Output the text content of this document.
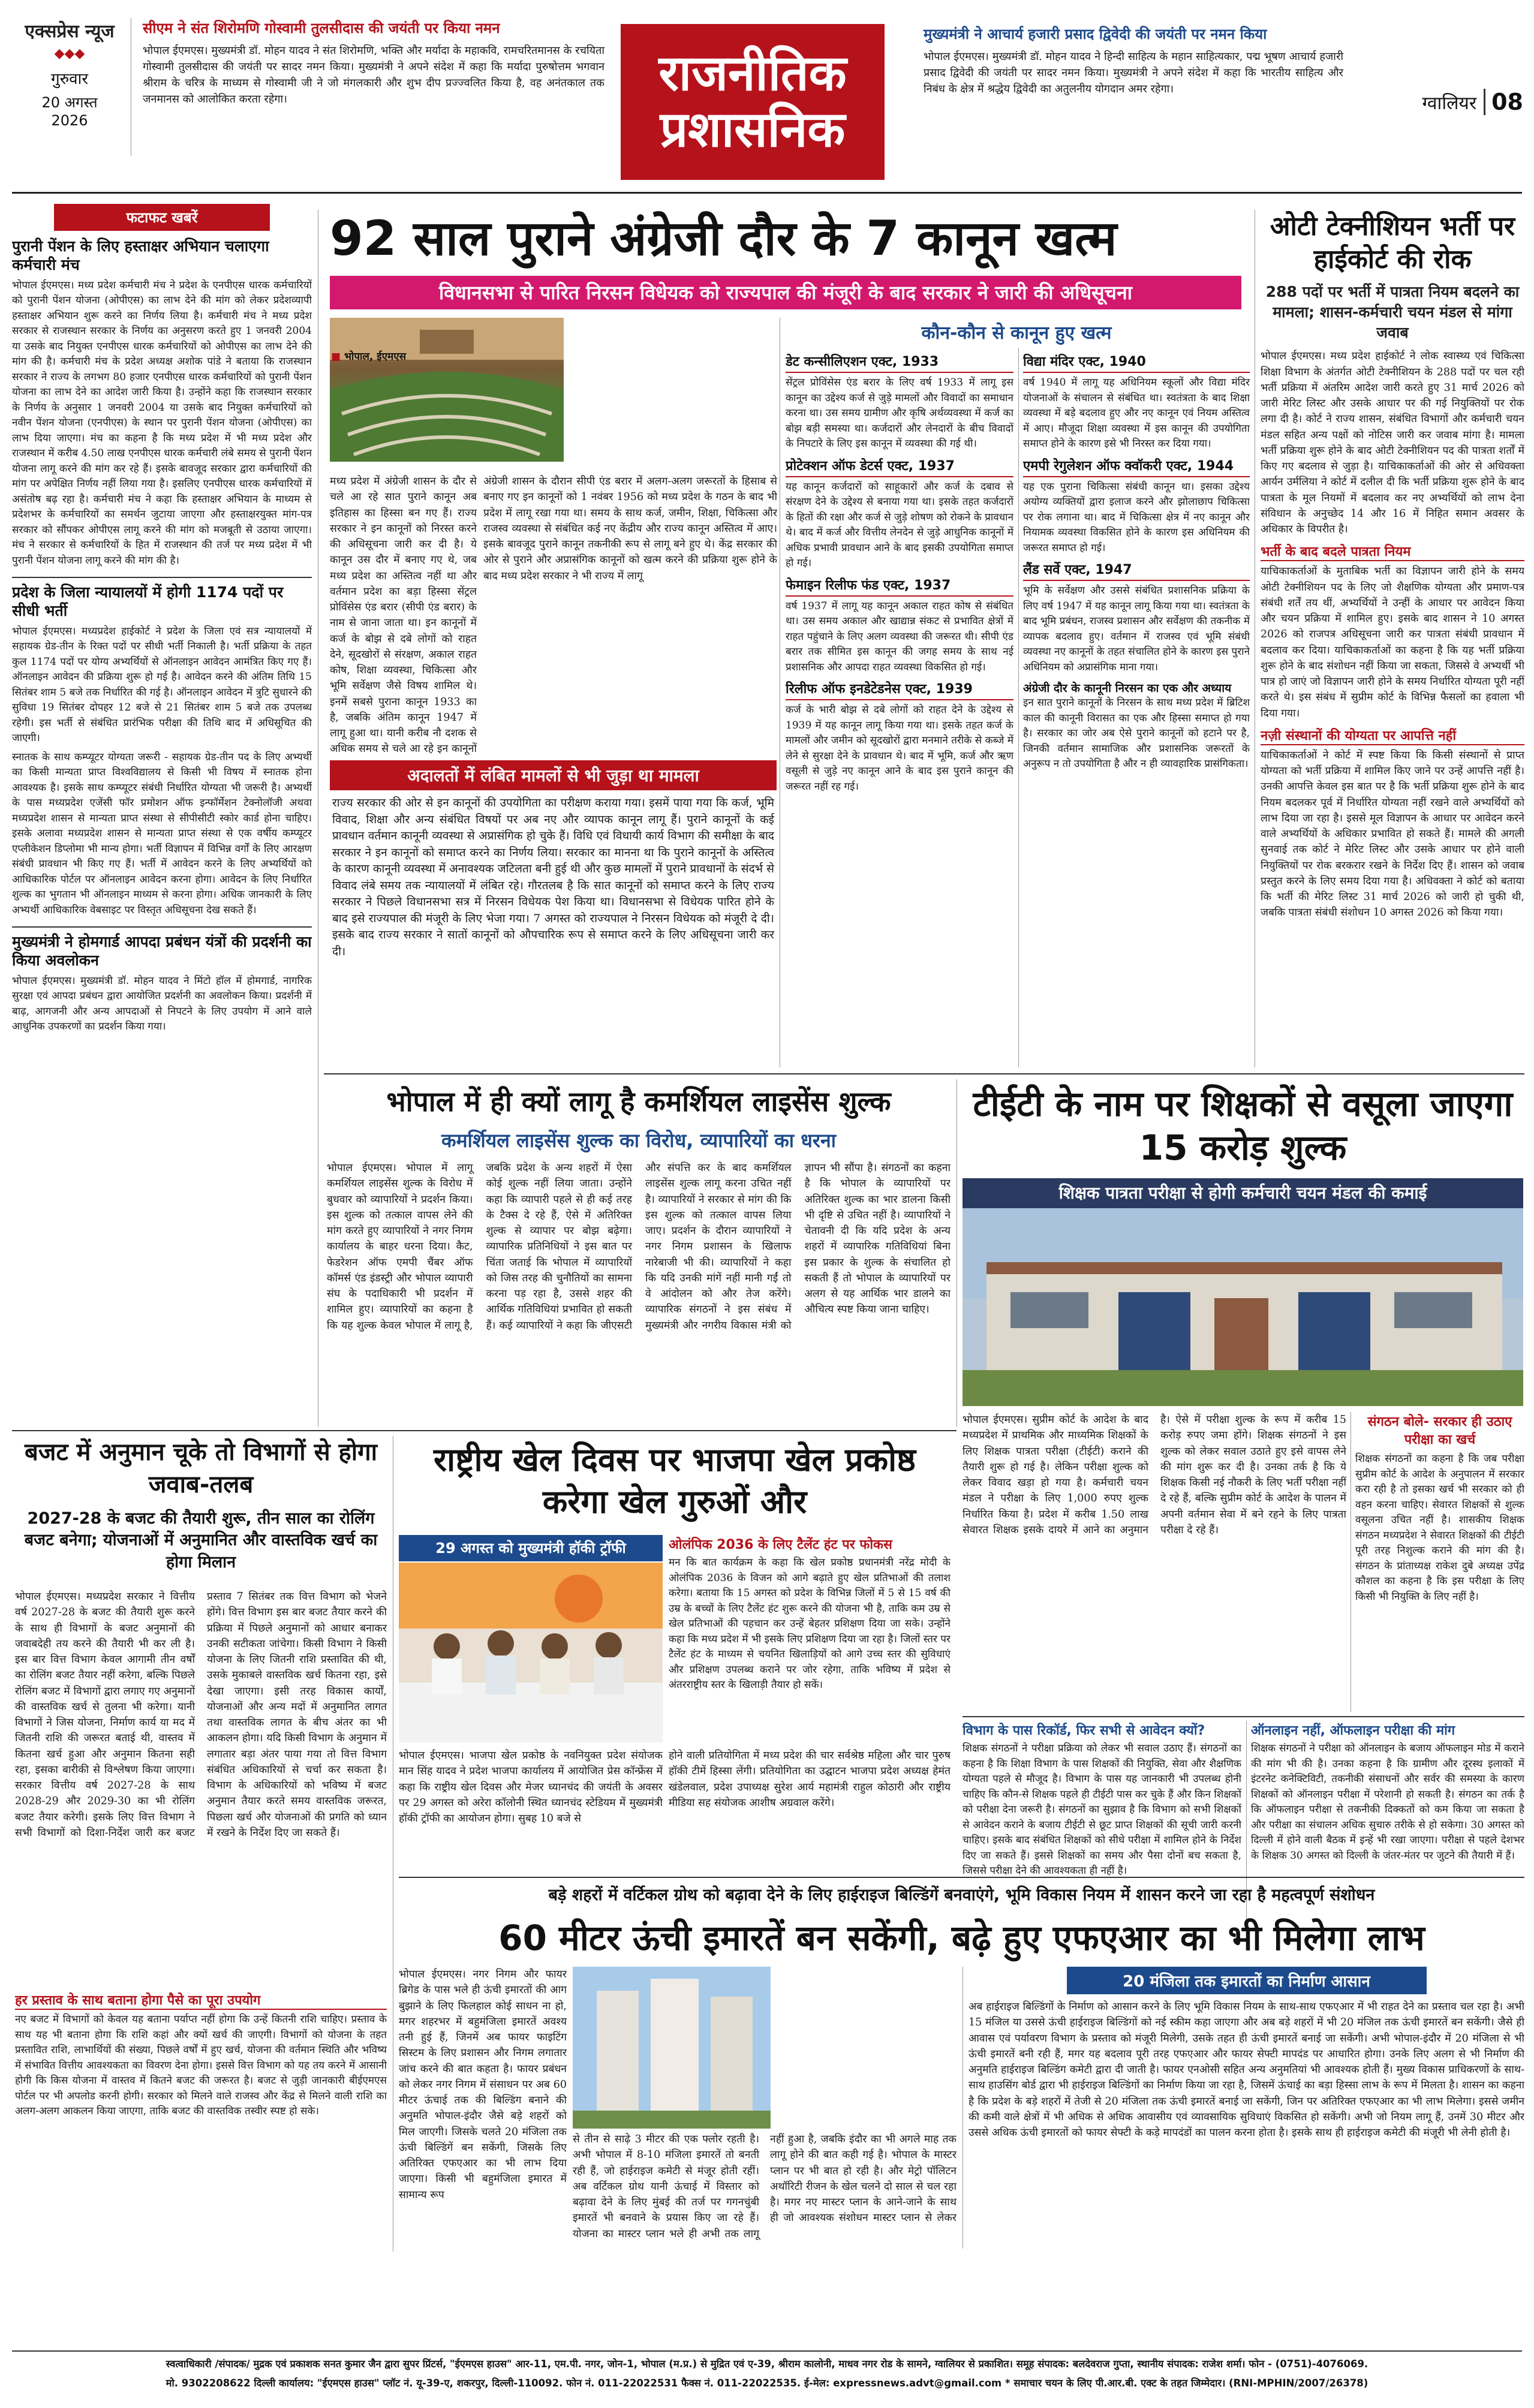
एक्सप्रेस न्यूज
◆◆◆
गुरुवार
20 अगस्त 2026
सीएम ने संत शिरोमणि गोस्वामी तुलसीदास की जयंती पर किया नमन
भोपाल ईएमएस। मुख्यमंत्री डॉ. मोहन यादव ने संत शिरोमणि, भक्ति और मर्यादा के महाकवि, रामचरितमानस के रचयिता गोस्वामी तुलसीदास की जयंती पर सादर नमन किया। मुख्यमंत्री ने अपने संदेश में कहा कि मर्यादा पुरुषोत्तम भगवान श्रीराम के चरित्र के माध्यम से गोस्वामी जी ने जो मंगलकारी और शुभ दीप प्रज्ज्वलित किया है, वह अनंतकाल तक जनमानस को आलोकित करता रहेगा।	राजनीतिक
प्रशासनिक
मुख्यमंत्री ने आचार्य हजारी प्रसाद द्विवेदी की जयंती पर नमन किया
भोपाल ईएमएस। मुख्यमंत्री डॉ. मोहन यादव ने हिन्दी साहित्य के महान साहित्यकार, पद्म भूषण आचार्य हजारी प्रसाद द्विवेदी की जयंती पर सादर नमन किया। मुख्यमंत्री ने अपने संदेश में कहा कि भारतीय साहित्य और निबंध के क्षेत्र में श्रद्धेय द्विवेदी का अतुलनीय योगदान अमर रहेगा।
ग्वालियर 08
फटाफट खबरें
पुरानी पेंशन के लिए हस्ताक्षर अभियान चलाएगा कर्मचारी मंच
भोपाल ईएमएस। मध्य प्रदेश कर्मचारी मंच ने प्रदेश के एनपीएस धारक कर्मचारियों को पुरानी पेंशन योजना (ओपीएस) का लाभ देने की मांग को लेकर प्रदेशव्यापी हस्ताक्षर अभियान शुरू करने का निर्णय लिया है। कर्मचारी मंच ने मध्य प्रदेश सरकार से राजस्थान सरकार के निर्णय का अनुसरण करते हुए 1 जनवरी 2004 या उसके बाद नियुक्त एनपीएस धारक कर्मचारियों को ओपीएस का लाभ देने की मांग की है। कर्मचारी मंच के प्रदेश अध्यक्ष अशोक पांडे ने बताया कि राजस्थान सरकार ने राज्य के लगभग 80 हजार एनपीएस धारक कर्मचारियों को पुरानी पेंशन योजना का लाभ देने का आदेश जारी किया है। उन्होंने कहा कि राजस्थान सरकार के निर्णय के अनुसार 1 जनवरी 2004 या उसके बाद नियुक्त कर्मचारियों को नवीन पेंशन योजना (एनपीएस) के स्थान पर पुरानी पेंशन योजना (ओपीएस) का लाभ दिया जाएगा। मंच का कहना है कि मध्य प्रदेश में भी मध्य प्रदेश और राजस्थान में करीब 4.50 लाख एनपीएस धारक कर्मचारी लंबे समय से पुरानी पेंशन योजना लागू करने की मांग कर रहे हैं। इसके बावजूद सरकार द्वारा कर्मचारियों की मांग पर अपेक्षित निर्णय नहीं लिया गया है। इसलिए एनपीएस धारक कर्मचारियों में असंतोष बढ़ रहा है। कर्मचारी मंच ने कहा कि हस्ताक्षर अभियान के माध्यम से प्रदेशभर के कर्मचारियों का समर्थन जुटाया जाएगा और हस्ताक्षरयुक्त मांग-पत्र सरकार को सौंपकर ओपीएस लागू करने की मांग को मजबूती से उठाया जाएगा। मंच ने सरकार से कर्मचारियों के हित में राजस्थान की तर्ज पर मध्य प्रदेश में भी पुरानी पेंशन योजना लागू करने की मांग की है।
प्रदेश के जिला न्यायालयों में होगी 1174 पदों पर सीधी भर्ती
भोपाल ईएमएस। मध्यप्रदेश हाईकोर्ट ने प्रदेश के जिला एवं सत्र न्यायालयों में सहायक ग्रेड-तीन के रिक्त पदों पर सीधी भर्ती निकाली है। भर्ती प्रक्रिया के तहत कुल 1174 पदों पर योग्य अभ्यर्थियों से ऑनलाइन आवेदन आमंत्रित किए गए हैं। ऑनलाइन आवेदन की प्रक्रिया शुरू हो गई है। आवेदन करने की अंतिम तिथि 15 सितंबर शाम 5 बजे तक निर्धारित की गई है। ऑनलाइन आवेदन में त्रुटि सुधारने की सुविधा 19 सितंबर दोपहर 12 बजे से 21 सितंबर शाम 5 बजे तक उपलब्ध रहेगी। इस भर्ती से संबंधित प्रारंभिक परीक्षा की तिथि बाद में अधिसूचित की जाएगी।
स्नातक के साथ कम्प्यूटर योग्यता जरूरी - सहायक ग्रेड-तीन पद के लिए अभ्यर्थी का किसी मान्यता प्राप्त विश्वविद्यालय से किसी भी विषय में स्नातक होना आवश्यक है। इसके साथ कम्प्यूटर संबंधी निर्धारित योग्यता भी जरूरी है। अभ्यर्थी के पास मध्यप्रदेश एजेंसी फॉर प्रमोशन ऑफ इन्फॉर्मेशन टेक्नोलॉजी अथवा मध्यप्रदेश शासन से मान्यता प्राप्त संस्था से सीपीसीटी स्कोर कार्ड होना चाहिए। इसके अलावा मध्यप्रदेश शासन से मान्यता प्राप्त संस्था से एक वर्षीय कम्प्यूटर एप्लीकेशन डिप्लोमा भी मान्य होगा। भर्ती विज्ञापन में विभिन्न वर्गों के लिए आरक्षण संबंधी प्रावधान भी किए गए हैं। भर्ती में आवेदन करने के लिए अभ्यर्थियों को आधिकारिक पोर्टल पर ऑनलाइन आवेदन करना होगा। आवेदन के लिए निर्धारित शुल्क का भुगतान भी ऑनलाइन माध्यम से करना होगा। अधिक जानकारी के लिए अभ्यर्थी आधिकारिक वेबसाइट पर विस्तृत अधिसूचना देख सकते हैं।
मुख्यमंत्री ने होमगार्ड आपदा प्रबंधन यंत्रों की प्रदर्शनी का किया अवलोकन
भोपाल ईएमएस। मुख्यमंत्री डॉ. मोहन यादव ने मिंटो हॉल में होमगार्ड, नागरिक सुरक्षा एवं आपदा प्रबंधन द्वारा आयोजित प्रदर्शनी का अवलोकन किया। प्रदर्शनी में बाढ़, आगजनी और अन्य आपदाओं से निपटने के लिए उपयोग में आने वाले आधुनिक उपकरणों का प्रदर्शन किया गया।
92 साल पुराने अंग्रेजी दौर के 7 कानून खत्म
विधानसभा से पारित निरसन विधेयक को राज्यपाल की मंजूरी के बाद सरकार ने जारी की अधिसूचना
■ भोपाल, ईएमएस
मध्य प्रदेश में अंग्रेजी शासन के दौर से चले आ रहे सात पुराने कानून अब इतिहास का हिस्सा बन गए हैं। राज्य सरकार ने इन कानूनों को निरस्त करने की अधिसूचना जारी कर दी है। ये कानून उस दौर में बनाए गए थे, जब मध्य प्रदेश का अस्तित्व नहीं था और वर्तमान प्रदेश का बड़ा हिस्सा सेंट्रल प्रोविंसेस एंड बरार (सीपी एंड बरार) के नाम से जाना जाता था। इन कानूनों में कर्ज के बोझ से दबे लोगों को राहत देने, सूदखोरों से संरक्षण, अकाल राहत कोष, शिक्षा व्यवस्था, चिकित्सा और भूमि सर्वेक्षण जैसे विषय शामिल थे। इनमें सबसे पुराना कानून 1933 का है, जबकि अंतिम कानून 1947 में लागू हुआ था। यानी करीब नौ दशक से अधिक समय से चले आ रहे इन कानूनों
अंग्रेजी शासन के दौरान सीपी एंड बरार में अलग-अलग जरूरतों के हिसाब से बनाए गए इन कानूनों को 1 नवंबर 1956 को मध्य प्रदेश के गठन के बाद भी प्रदेश में लागू रखा गया था। समय के साथ कर्ज, जमीन, शिक्षा, चिकित्सा और राजस्व व्यवस्था से संबंधित कई नए केंद्रीय और राज्य कानून अस्तित्व में आए। इसके बावजूद पुराने कानून तकनीकी रूप से लागू बने हुए थे। केंद्र सरकार की ओर से पुराने और अप्रासंगिक कानूनों को खत्म करने की प्रक्रिया शुरू होने के बाद मध्य प्रदेश सरकार ने भी राज्य में लागू
अदालतों में लंबित मामलों से भी जुड़ा था मामला
राज्य सरकार की ओर से इन कानूनों की उपयोगिता का परीक्षण कराया गया। इसमें पाया गया कि कर्ज, भूमि विवाद, शिक्षा और अन्य संबंधित विषयों पर अब नए और व्यापक कानून लागू हैं। पुराने कानूनों के कई प्रावधान वर्तमान कानूनी व्यवस्था से अप्रासंगिक हो चुके हैं। विधि एवं विधायी कार्य विभाग की समीक्षा के बाद सरकार ने इन कानूनों को समाप्त करने का निर्णय लिया। सरकार का मानना था कि पुराने कानूनों के अस्तित्व के कारण कानूनी व्यवस्था में अनावश्यक जटिलता बनी हुई थी और कुछ मामलों में पुराने प्रावधानों के संदर्भ से विवाद लंबे समय तक न्यायालयों में लंबित रहे। गौरतलब है कि सात कानूनों को समाप्त करने के लिए राज्य सरकार ने पिछले विधानसभा सत्र में निरसन विधेयक पेश किया था। विधानसभा से विधेयक पारित होने के बाद इसे राज्यपाल की मंजूरी के लिए भेजा गया। 7 अगस्त को राज्यपाल ने निरसन विधेयक को मंजूरी दे दी। इसके बाद राज्य सरकार ने सातों कानूनों को औपचारिक रूप से समाप्त करने के लिए अधिसूचना जारी कर दी।
कौन-कौन से कानून हुए खत्म
डेट कन्सीलिएशन एक्ट, 1933
सेंट्रल प्रोविंसेस एंड बरार के लिए वर्ष 1933 में लागू इस कानून का उद्देश्य कर्ज से जुड़े मामलों और विवादों का समाधान करना था। उस समय ग्रामीण और कृषि अर्थव्यवस्था में कर्ज का बोझ बड़ी समस्या था। कर्जदारों और लेनदारों के बीच विवादों के निपटारे के लिए इस कानून में व्यवस्था की गई थी।
प्रोटेक्शन ऑफ डेटर्स एक्ट, 1937
यह कानून कर्जदारों को साहूकारों और कर्ज के दबाव से संरक्षण देने के उद्देश्य से बनाया गया था। इसके तहत कर्जदारों के हितों की रक्षा और कर्ज से जुड़े शोषण को रोकने के प्रावधान थे। बाद में कर्ज और वित्तीय लेनदेन से जुड़े आधुनिक कानूनों में अधिक प्रभावी प्रावधान आने के बाद इसकी उपयोगिता समाप्त हो गई।
फेमाइन रिलीफ फंड एक्ट, 1937
वर्ष 1937 में लागू यह कानून अकाल राहत कोष से संबंधित था। उस समय अकाल और खाद्यान्न संकट से प्रभावित क्षेत्रों में राहत पहुंचाने के लिए अलग व्यवस्था की जरूरत थी। सीपी एंड बरार तक सीमित इस कानून की जगह समय के साथ नई प्रशासनिक और आपदा राहत व्यवस्था विकसित हो गई।
रिलीफ ऑफ इनडेटेडनेस एक्ट, 1939
कर्ज के भारी बोझ से दबे लोगों को राहत देने के उद्देश्य से 1939 में यह कानून लागू किया गया था। इसके तहत कर्ज के मामलों और जमीन को सूदखोरों द्वारा मनमाने तरीके से कब्जे में लेने से सुरक्षा देने के प्रावधान थे। बाद में भूमि, कर्ज और ऋण वसूली से जुड़े नए कानून आने के बाद इस पुराने कानून की जरूरत नहीं रह गई।
विद्या मंदिर एक्ट, 1940
वर्ष 1940 में लागू यह अधिनियम स्कूलों और विद्या मंदिर योजनाओं के संचालन से संबंधित था। स्वतंत्रता के बाद शिक्षा व्यवस्था में बड़े बदलाव हुए और नए कानून एवं नियम अस्तित्व में आए। मौजूदा शिक्षा व्यवस्था में इस कानून की उपयोगिता समाप्त होने के कारण इसे भी निरस्त कर दिया गया।
एमपी रेगुलेशन ऑफ क्वॉकरी एक्ट, 1944
यह एक पुराना चिकित्सा संबंधी कानून था। इसका उद्देश्य अयोग्य व्यक्तियों द्वारा इलाज करने और झोलाछाप चिकित्सा पर रोक लगाना था। बाद में चिकित्सा क्षेत्र में नए कानून और नियामक व्यवस्था विकसित होने के कारण इस अधिनियम की जरूरत समाप्त हो गई।
लैंड सर्वे एक्ट, 1947
भूमि के सर्वेक्षण और उससे संबंधित प्रशासनिक प्रक्रिया के लिए वर्ष 1947 में यह कानून लागू किया गया था। स्वतंत्रता के बाद भूमि प्रबंधन, राजस्व प्रशासन और सर्वेक्षण की तकनीक में व्यापक बदलाव हुए। वर्तमान में राजस्व एवं भूमि संबंधी व्यवस्था नए कानूनों के तहत संचालित होने के कारण इस पुराने अधिनियम को अप्रासंगिक माना गया।
अंग्रेजी दौर के कानूनी निरसन का एक और अध्याय
इन सात पुराने कानूनों के निरसन के साथ मध्य प्रदेश में ब्रिटिश काल की कानूनी विरासत का एक और हिस्सा समाप्त हो गया है। सरकार का जोर अब ऐसे पुराने कानूनों को हटाने पर है, जिनकी वर्तमान सामाजिक और प्रशासनिक जरूरतों के अनुरूप न तो उपयोगिता है और न ही व्यावहारिक प्रासंगिकता।
ओटी टेक्नीशियन भर्ती पर हाईकोर्ट की रोक
288 पदों पर भर्ती में पात्रता नियम बदलने का मामला; शासन-कर्मचारी चयन मंडल से मांगा जवाब
भोपाल ईएमएस। मध्य प्रदेश हाईकोर्ट ने लोक स्वास्थ्य एवं चिकित्सा शिक्षा विभाग के अंतर्गत ओटी टेक्नीशियन के 288 पदों पर चल रही भर्ती प्रक्रिया में अंतरिम आदेश जारी करते हुए 31 मार्च 2026 को जारी मेरिट लिस्ट और उसके आधार पर की गई नियुक्तियों पर रोक लगा दी है। कोर्ट ने राज्य शासन, संबंधित विभागों और कर्मचारी चयन मंडल सहित अन्य पक्षों को नोटिस जारी कर जवाब मांगा है। मामला भर्ती प्रक्रिया शुरू होने के बाद ओटी टेक्नीशियन पद की पात्रता शर्तों में किए गए बदलाव से जुड़ा है। याचिकाकर्ताओं की ओर से अधिवक्ता आर्यन उर्मलिया ने कोर्ट में दलील दी कि भर्ती प्रक्रिया शुरू होने के बाद पात्रता के मूल नियमों में बदलाव कर नए अभ्यर्थियों को लाभ देना संविधान के अनुच्छेद 14 और 16 में निहित समान अवसर के अधिकार के विपरीत है।
भर्ती के बाद बदले पात्रता नियम
याचिकाकर्ताओं के मुताबिक भर्ती का विज्ञापन जारी होने के समय ओटी टेक्नीशियन पद के लिए जो शैक्षणिक योग्यता और प्रमाण-पत्र संबंधी शर्तें तय थीं, अभ्यर्थियों ने उन्हीं के आधार पर आवेदन किया और चयन प्रक्रिया में शामिल हुए। इसके बाद शासन ने 10 अगस्त 2026 को राजपत्र अधिसूचना जारी कर पात्रता संबंधी प्रावधान में बदलाव कर दिया। याचिकाकर्ताओं का कहना है कि यह भर्ती प्रक्रिया शुरू होने के बाद संशोधन नहीं किया जा सकता, जिससे वे अभ्यर्थी भी पात्र हो जाएं जो विज्ञापन जारी होने के समय निर्धारित योग्यता पूरी नहीं करते थे। इस संबंध में सुप्रीम कोर्ट के विभिन्न फैसलों का हवाला भी दिया गया।
नज़ी संस्थानों की योग्यता पर आपत्ति नहीं
याचिकाकर्ताओं ने कोर्ट में स्पष्ट किया कि किसी संस्थानों से प्राप्त योग्यता को भर्ती प्रक्रिया में शामिल किए जाने पर उन्हें आपत्ति नहीं है। उनकी आपत्ति केवल इस बात पर है कि भर्ती प्रक्रिया शुरू होने के बाद नियम बदलकर पूर्व में निर्धारित योग्यता नहीं रखने वाले अभ्यर्थियों को लाभ दिया जा रहा है। इससे मूल विज्ञापन के आधार पर आवेदन करने वाले अभ्यर्थियों के अधिकार प्रभावित हो सकते हैं। मामले की अगली सुनवाई तक कोर्ट ने मेरिट लिस्ट और उसके आधार पर होने वाली नियुक्तियों पर रोक बरकरार रखने के निर्देश दिए हैं। शासन को जवाब प्रस्तुत करने के लिए समय दिया गया है। अधिवक्ता ने कोर्ट को बताया कि भर्ती की मेरिट लिस्ट 31 मार्च 2026 को जारी हो चुकी थी, जबकि पात्रता संबंधी संशोधन 10 अगस्त 2026 को किया गया।
भोपाल में ही क्यों लागू है कमर्शियल लाइसेंस शुल्क
कमर्शियल लाइसेंस शुल्क का विरोध, व्यापारियों का धरना
भोपाल ईएमएस। भोपाल में लागू कमर्शियल लाइसेंस शुल्क के विरोध में बुधवार को व्यापारियों ने प्रदर्शन किया। इस शुल्क को तत्काल वापस लेने की मांग करते हुए व्यापारियों ने नगर निगम कार्यालय के बाहर धरना दिया। कैट, फेडरेशन ऑफ एमपी चैंबर ऑफ कॉमर्स एंड इंडस्ट्री और भोपाल व्यापारी संघ के पदाधिकारी भी प्रदर्शन में शामिल हुए। व्यापारियों का कहना है कि यह शुल्क केवल भोपाल में लागू है, जबकि प्रदेश के अन्य शहरों में ऐसा कोई शुल्क नहीं लिया जाता। उन्होंने कहा कि व्यापारी पहले से ही कई तरह के टैक्स दे रहे हैं, ऐसे में अतिरिक्त शुल्क से व्यापार पर बोझ बढ़ेगा। व्यापारिक प्रतिनिधियों ने इस बात पर चिंता जताई कि भोपाल में व्यापारियों को जिस तरह की चुनौतियों का सामना करना पड़ रहा है, उससे शहर की आर्थिक गतिविधियां प्रभावित हो सकती हैं। कई व्यापारियों ने कहा कि जीएसटी और संपत्ति कर के बाद कमर्शियल लाइसेंस शुल्क लागू करना उचित नहीं है। व्यापारियों ने सरकार से मांग की कि इस शुल्क को तत्काल वापस लिया जाए। प्रदर्शन के दौरान व्यापारियों ने नगर निगम प्रशासन के खिलाफ नारेबाजी भी की। व्यापारियों ने कहा कि यदि उनकी मांगें नहीं मानी गईं तो वे आंदोलन को और तेज करेंगे। व्यापारिक संगठनों ने इस संबंध में मुख्यमंत्री और नगरीय विकास मंत्री को ज्ञापन भी सौंपा है। संगठनों का कहना है कि भोपाल के व्यापारियों पर अतिरिक्त शुल्क का भार डालना किसी भी दृष्टि से उचित नहीं है। व्यापारियों ने चेतावनी दी कि यदि प्रदेश के अन्य शहरों में व्यापारिक गतिविधियां बिना इस प्रकार के शुल्क के संचालित हो सकती हैं तो भोपाल के व्यापारियों पर अलग से यह आर्थिक भार डालने का औचित्य स्पष्ट किया जाना चाहिए।
टीईटी के नाम पर शिक्षकों से वसूला जाएगा 15 करोड़ शुल्क
शिक्षक पात्रता परीक्षा से होगी कर्मचारी चयन मंडल की कमाई
भोपाल ईएमएस। सुप्रीम कोर्ट के आदेश के बाद मध्यप्रदेश में प्राथमिक और माध्यमिक शिक्षकों के लिए शिक्षक पात्रता परीक्षा (टीईटी) कराने की तैयारी शुरू हो गई है। लेकिन परीक्षा शुल्क को लेकर विवाद खड़ा हो गया है। कर्मचारी चयन मंडल ने परीक्षा के लिए 1,000 रुपए शुल्क निर्धारित किया है। प्रदेश में करीब 1.50 लाख सेवारत शिक्षक इसके दायरे में आने का अनुमान है। ऐसे में परीक्षा शुल्क के रूप में करीब 15 करोड़ रुपए जमा होंगे। शिक्षक संगठनों ने इस शुल्क को लेकर सवाल उठाते हुए इसे वापस लेने की मांग शुरू कर दी है। उनका तर्क है कि ये शिक्षक किसी नई नौकरी के लिए भर्ती परीक्षा नहीं दे रहे हैं, बल्कि सुप्रीम कोर्ट के आदेश के पालन में अपनी वर्तमान सेवा में बने रहने के लिए पात्रता परीक्षा दे रहे हैं।
संगठन बोले- सरकार ही उठाए परीक्षा का खर्च
शिक्षक संगठनों का कहना है कि जब परीक्षा सुप्रीम कोर्ट के आदेश के अनुपालन में सरकार करा रही है तो इसका खर्च भी सरकार को ही वहन करना चाहिए। सेवारत शिक्षकों से शुल्क वसूलना उचित नहीं है। शासकीय शिक्षक संगठन मध्यप्रदेश ने सेवारत शिक्षकों की टीईटी पूरी तरह निशुल्क कराने की मांग की है। संगठन के प्रांताध्यक्ष राकेश दुबे अध्यक्ष उपेंद्र कौशल का कहना है कि इस परीक्षा के लिए किसी भी नियुक्ति के लिए नहीं है।
विभाग के पास रिकॉर्ड, फिर सभी से आवेदन क्यों?
शिक्षक संगठनों ने परीक्षा प्रक्रिया को लेकर भी सवाल उठाए हैं। संगठनों का कहना है कि शिक्षा विभाग के पास शिक्षकों की नियुक्ति, सेवा और शैक्षणिक योग्यता पहले से मौजूद है। विभाग के पास यह जानकारी भी उपलब्ध होनी चाहिए कि कौन-से शिक्षक पहले ही टीईटी पास कर चुके हैं और किन शिक्षकों को परीक्षा देना जरूरी है। संगठनों का सुझाव है कि विभाग को सभी शिक्षकों से आवेदन कराने के बजाय टीईटी से छूट प्राप्त शिक्षकों की सूची जारी करनी चाहिए। इसके बाद संबंधित शिक्षकों को सीधे परीक्षा में शामिल होने के निर्देश दिए जा सकते हैं। इससे शिक्षकों का समय और पैसा दोनों बच सकता है, जिससे परीक्षा देने की आवश्यकता ही नहीं है।
ऑनलाइन नहीं, ऑफलाइन परीक्षा की मांग
शिक्षक संगठनों ने परीक्षा को ऑनलाइन के बजाय ऑफलाइन मोड में कराने की मांग भी की है। उनका कहना है कि ग्रामीण और दूरस्थ इलाकों में इंटरनेट कनेक्टिविटी, तकनीकी संसाधनों और सर्वर की समस्या के कारण शिक्षकों को ऑनलाइन परीक्षा में परेशानी हो सकती है। संगठन का तर्क है कि ऑफलाइन परीक्षा से तकनीकी दिक्कतों को कम किया जा सकता है और परीक्षा का संचालन अधिक सुचारु तरीके से हो सकेगा। 30 अगस्त को दिल्ली में होने वाली बैठक में इन्हें भी रखा जाएगा। परीक्षा से पहले देशभर के शिक्षक 30 अगस्त को दिल्ली के जंतर-मंतर पर जुटने की तैयारी में हैं।
बजट में अनुमान चूके तो विभागों से होगा जवाब-तलब
2027-28 के बजट की तैयारी शुरू, तीन साल का रोलिंग बजट बनेगा; योजनाओं में अनुमानित और वास्तविक खर्च का होगा मिलान
भोपाल ईएमएस। मध्यप्रदेश सरकार ने वित्तीय वर्ष 2027-28 के बजट की तैयारी शुरू करने के साथ ही विभागों के बजट अनुमानों की जवाबदेही तय करने की तैयारी भी कर ली है। इस बार वित्त विभाग केवल आगामी तीन वर्षों का रोलिंग बजट तैयार नहीं करेगा, बल्कि पिछले रोलिंग बजट में विभागों द्वारा लगाए गए अनुमानों की वास्तविक खर्च से तुलना भी करेगा। यानी विभागों ने जिस योजना, निर्माण कार्य या मद में जितनी राशि की जरूरत बताई थी, वास्तव में कितना खर्च हुआ और अनुमान कितना सही रहा, इसका बारीकी से विश्लेषण किया जाएगा। सरकार वित्तीय वर्ष 2027-28 के साथ 2028-29 और 2029-30 का भी रोलिंग बजट तैयार करेगी। इसके लिए वित्त विभाग ने सभी विभागों को दिशा-निर्देश जारी कर बजट प्रस्ताव 7 सितंबर तक वित्त विभाग को भेजने होंगे। वित्त विभाग इस बार बजट तैयार करने की प्रक्रिया में पिछले अनुमानों को आधार बनाकर उनकी सटीकता जांचेगा। किसी विभाग ने किसी योजना के लिए जितनी राशि प्रस्तावित की थी, उसके मुकाबले वास्तविक खर्च कितना रहा, इसे देखा जाएगा। इसी तरह विकास कार्यों, योजनाओं और अन्य मदों में अनुमानित लागत तथा वास्तविक लागत के बीच अंतर का भी आकलन होगा। यदि किसी विभाग के अनुमान में लगातार बड़ा अंतर पाया गया तो वित्त विभाग संबंधित अधिकारियों से चर्चा कर सकता है। विभाग के अधिकारियों को भविष्य में बजट अनुमान तैयार करते समय वास्तविक जरूरत, पिछला खर्च और योजनाओं की प्रगति को ध्यान में रखने के निर्देश दिए जा सकते हैं।
हर प्रस्ताव के साथ बताना होगा पैसे का पूरा उपयोग
नए बजट में विभागों को केवल यह बताना पर्याप्त नहीं होगा कि उन्हें कितनी राशि चाहिए। प्रस्ताव के साथ यह भी बताना होगा कि राशि कहां और क्यों खर्च की जाएगी। विभागों को योजना के तहत प्रस्तावित राशि, लाभार्थियों की संख्या, पिछले वर्षों में हुए खर्च, योजना की वर्तमान स्थिति और भविष्य में संभावित वित्तीय आवश्यकता का विवरण देना होगा। इससे वित्त विभाग को यह तय करने में आसानी होगी कि किस योजना में वास्तव में कितने बजट की जरूरत है। बजट से जुड़ी जानकारी बीईएमएस पोर्टल पर भी अपलोड करनी होगी। सरकार को मिलने वाले राजस्व और केंद्र से मिलने वाली राशि का अलग-अलग आकलन किया जाएगा, ताकि बजट की वास्तविक तस्वीर स्पष्ट हो सके।
राष्ट्रीय खेल दिवस पर भाजपा खेल प्रकोष्ठ करेगा खेल गुरुओं और
29 अगस्त को मुख्यमंत्री हॉकी ट्रॉफी	ओलंपिक 2036 के लिए टैलेंट हंट पर फोकस
मन कि बात कार्यक्रम के कहा कि खेल प्रकोष्ठ प्रधानमंत्री नरेंद्र मोदी के ओलंपिक 2036 के विजन को आगे बढ़ाते हुए खेल प्रतिभाओं की तलाश करेगा। बताया कि 15 अगस्त को प्रदेश के विभिन्न जिलों में 5 से 15 वर्ष की उम्र के बच्चों के लिए टैलेंट हंट शुरू करने की योजना भी है, ताकि कम उम्र से खेल प्रतिभाओं की पहचान कर उन्हें बेहतर प्रशिक्षण दिया जा सके। उन्होंने कहा कि मध्य प्रदेश में भी इसके लिए प्रशिक्षण दिया जा रहा है। जिलों स्तर पर टैलेंट हंट के माध्यम से चयनित खिलाड़ियों को आगे उच्च स्तर की सुविधाएं और प्रशिक्षण उपलब्ध कराने पर जोर रहेगा, ताकि भविष्य में प्रदेश से अंतरराष्ट्रीय स्तर के खिलाड़ी तैयार हो सकें।
भोपाल ईएमएस। भाजपा खेल प्रकोष्ठ के नवनियुक्त प्रदेश संयोजक मान सिंह यादव ने प्रदेश भाजपा कार्यालय में आयोजित प्रेस कॉन्फ्रेंस में कहा कि राष्ट्रीय खेल दिवस और मेजर ध्यानचंद की जयंती के अवसर पर 29 अगस्त को अरेरा कॉलोनी स्थित ध्यानचंद स्टेडियम में मुख्यमंत्री हॉकी ट्रॉफी का आयोजन होगा। सुबह 10 बजे से
होने वाली प्रतियोगिता में मध्य प्रदेश की चार सर्वश्रेष्ठ महिला और चार पुरुष हॉकी टीमें हिस्सा लेंगी। प्रतियोगिता का उद्घाटन भाजपा प्रदेश अध्यक्ष हेमंत खंडेलवाल, प्रदेश उपाध्यक्ष सुरेश आर्य महामंत्री राहुल कोठारी और राष्ट्रीय मीडिया सह संयोजक आशीष अग्रवाल करेंगे।
बड़े शहरों में वर्टिकल ग्रोथ को बढ़ावा देने के लिए हाईराइज बिल्डिंगें बनवाएंगे, भूमि विकास नियम में शासन करने जा रहा है महत्वपूर्ण संशोधन
60 मीटर ऊंची इमारतें बन सकेंगी, बढ़े हुए एफएआर का भी मिलेगा लाभ
भोपाल ईएमएस। नगर निगम और फायर ब्रिगेड के पास भले ही ऊंची इमारतों की आग बुझाने के लिए फिलहाल कोई साधन ना हो, मगर शहरभर में बहुमंजिला इमारतें अवश्य तनी हुई हैं, जिनमें अब फायर फाइटिंग सिस्टम के लिए प्रशासन और निगम लगातार जांच करने की बात कहता है। फायर प्रबंधन को लेकर नगर निगम में संसाधन पर अब 60 मीटर ऊंचाई तक की बिल्डिंग बनाने की अनुमति भोपाल-इंदौर जैसे बड़े शहरों को मिल जाएगी। जिसके चलते 20 मंजिला तक ऊंची बिल्डिंगें बन सकेंगी, जिसके लिए अतिरिक्त एफएआर का भी लाभ दिया जाएगा। किसी भी बहुमंजिला इमारत में सामान्य रूप
से तीन से साढ़े 3 मीटर की एक फ्लोर रहती है। अभी भोपाल में 8-10 मंजिला इमारतें तो बनती रही हैं, जो हाईराइज कमेटी से मंजूर होती रहीं। अब वर्टिकल ग्रोथ यानी ऊंचाई में विस्तार को बढ़ावा देने के लिए मुंबई की तर्ज पर गगनचुंबी इमारतें भी बनवाने के प्रयास किए जा रहे हैं। योजना का मास्टर प्लान भले ही अभी तक लागू नहीं हुआ है, जबकि इंदौर का भी अगले माह तक लागू होने की बात कही गई है। भोपाल के मास्टर प्लान पर भी बात हो रही है। और मेट्रो पॉलिटन अथॉरिटी रीजन के खेल चलने दो साल से चल रहा है। मगर नए मास्टर प्लान के आने-जाने के साथ ही जो आवश्यक संशोधन मास्टर प्लान से लेकर
20 मंजिला तक इमारतों का निर्माण आसान
अब हाईराइज बिल्डिंगों के निर्माण को आसान करने के लिए भूमि विकास नियम के साथ-साथ एफएआर में भी राहत देने का प्रस्ताव चल रहा है। अभी 15 मंजिल या उससे ऊंची हाईराइज बिल्डिंगों को नई स्कीम कहा जाएगा और अब बड़े शहरों में भी 20 मंजिल तक ऊंची इमारतें बन सकेंगी। जैसे ही आवास एवं पर्यावरण विभाग के प्रस्ताव को मंजूरी मिलेगी, उसके तहत ही ऊंची इमारतें बनाई जा सकेंगी। अभी भोपाल-इंदौर में 20 मंजिला से भी ऊंची इमारतें बनी रही हैं, मगर यह बदलाव पूरी तरह एफएआर और फायर सेफ्टी मापदंड पर आधारित होगा। उनके लिए अलग से भी निर्माण की अनुमति हाईराइज बिल्डिंग कमेटी द्वारा दी जाती है। फायर एनओसी सहित अन्य अनुमतियां भी आवश्यक होती हैं। मुख्य विकास प्राधिकरणों के साथ-साथ हाउसिंग बोर्ड द्वारा भी हाईराइज बिल्डिंगों का निर्माण किया जा रहा है, जिसमें ऊंचाई का बड़ा हिस्सा लाभ के रूप में मिलता है। शासन का कहना है कि प्रदेश के बड़े शहरों में तेजी से 20 मंजिला तक ऊंची इमारतें बनाई जा सकेंगी, जिन पर अतिरिक्त एफएआर का भी लाभ मिलेगा। इससे जमीन की कमी वाले क्षेत्रों में भी अधिक से अधिक आवासीय एवं व्यावसायिक सुविधाएं विकसित हो सकेंगी। अभी जो नियम लागू हैं, उनमें 30 मीटर और उससे अधिक ऊंची इमारतों को फायर सेफ्टी के कड़े मापदंडों का पालन करना होता है। इसके साथ ही हाईराइज कमेटी की मंजूरी भी लेनी होती है।
स्वत्वाधिकारी /संपादक/ मुद्रक एवं प्रकाशक सनत कुमार जैन द्वारा सुपर प्रिंटर्स, "ईएमएस हाउस" आर-11, एम.पी. नगर, जोन-1, भोपाल (म.प्र.) से मुद्रित एवं ए-39, श्रीराम कालोनी, माधव नगर रोड के सामने, ग्वालियर से प्रकाशित। समूह संपादक: बलदेवराज गुप्ता, स्थानीय संपादक: राजेश शर्मा। फोन - (0751)-4076069.
मो. 9302208622 दिल्ली कार्यालय: "ईएमएस हाउस" प्लॉट नं. यू-39-ए, शकरपुर, दिल्ली-110092. फोन नं. 011-22022531 फैक्स नं. 011-22022535. ई-मेल: expressnews.advt@gmail.com * समाचार चयन के लिए पी.आर.बी. एक्ट के तहत जिम्मेदार। (RNI-MPHIN/2007/26378)
